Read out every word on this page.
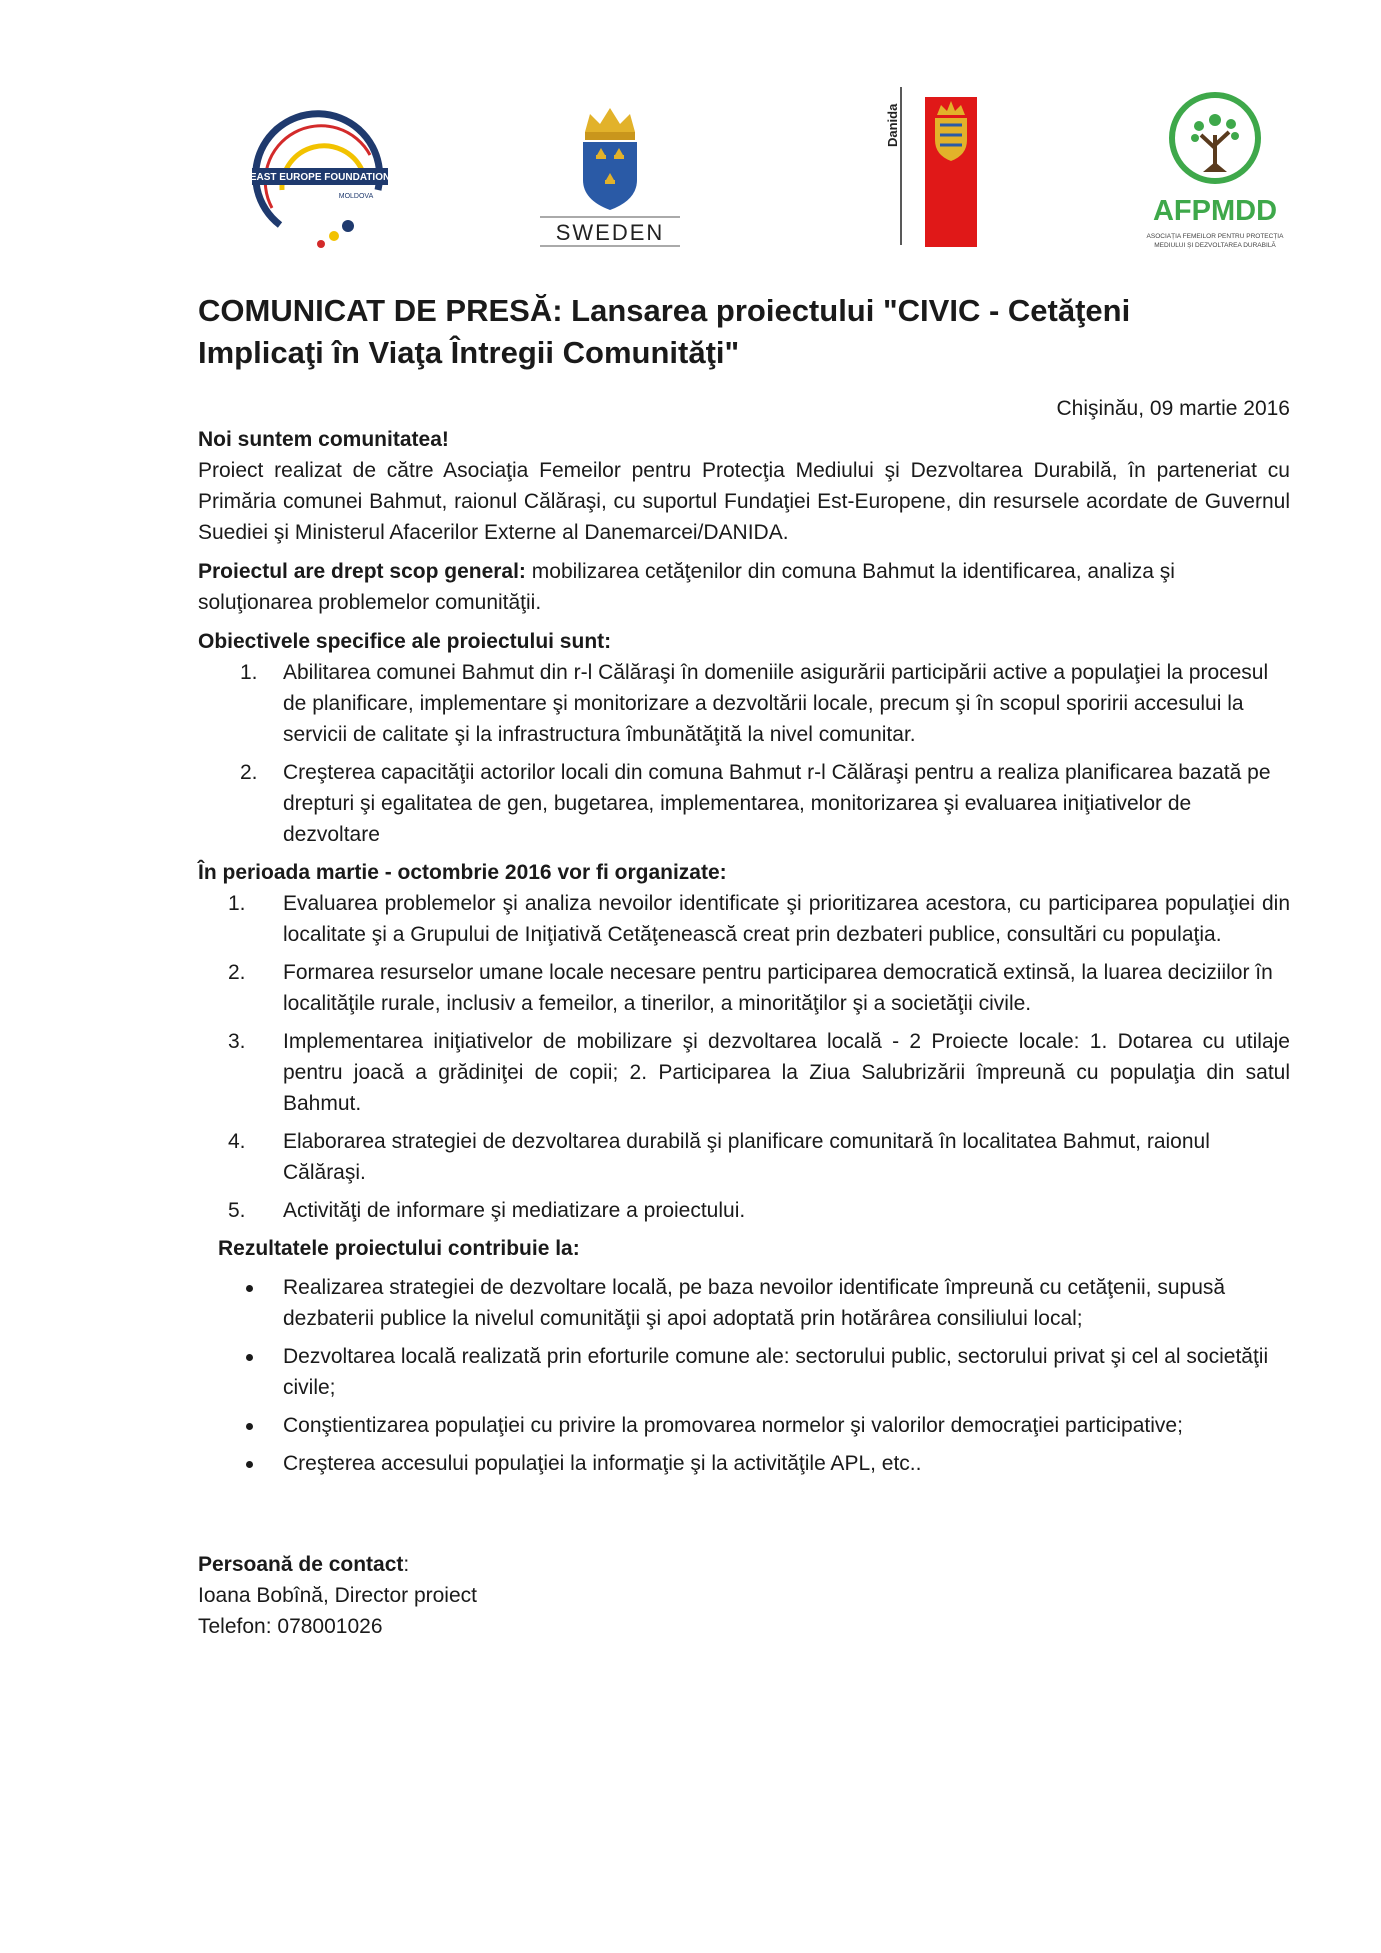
EAST EUROPE FOUNDATION
MOLDOVA
SWEDEN
Danida
AFPMDD
ASOCIAȚIA FEMEILOR PENTRU PROTECȚIA
MEDIULUI ȘI DEZVOLTAREA DURABILĂ
COMUNICAT DE PRESĂ: Lansarea proiectului "CIVIC - Cetăţeni
Implicaţi în Viaţa Întregii Comunităţi"
Chişinău, 09 martie 2016

Noi suntem comunitatea!

Proiect realizat de către Asociaţia Femeilor pentru Protecţia Mediului şi Dezvoltarea Durabilă, în parteneriat cu Primăria comunei Bahmut, raionul Călăraşi, cu suportul Fundaţiei Est-Europene, din resursele acordate de Guvernul Suediei şi Ministerul Afacerilor Externe al Danemarcei/DANIDA.

Proiectul are drept scop general: mobilizarea cetăţenilor din comuna Bahmut la identificarea, analiza şi soluţionarea problemelor comunităţii.

Obiectivele specifice ale proiectului sunt:

1. Abilitarea comunei Bahmut din r-l Călăraşi în domeniile asigurării participării active a populaţiei la procesul de planificare, implementare şi monitorizare a dezvoltării locale, precum şi în scopul sporirii accesului la servicii de calitate şi la infrastructura îmbunătăţită la nivel comunitar.
2. Creşterea capacităţii actorilor locali din comuna Bahmut r-l Călăraşi pentru a realiza planificarea bazată pe drepturi şi egalitatea de gen, bugetarea, implementarea, monitorizarea şi evaluarea iniţiativelor de dezvoltare

În perioada martie - octombrie 2016 vor fi organizate:

1. Evaluarea problemelor şi analiza nevoilor identificate şi prioritizarea acestora, cu participarea populaţiei din localitate şi a Grupului de Iniţiativă Cetăţenească creat prin dezbateri publice, consultări cu populaţia.
2. Formarea resurselor umane locale necesare pentru participarea democratică extinsă, la luarea deciziilor în localităţile rurale, inclusiv a femeilor, a tinerilor, a minorităţilor şi a societăţii civile.
3. Implementarea iniţiativelor de mobilizare şi dezvoltarea locală - 2 Proiecte locale: 1. Dotarea cu utilaje pentru joacă a grădiniţei de copii; 2. Participarea la Ziua Salubrizării împreună cu populaţia din satul Bahmut.
4. Elaborarea strategiei de dezvoltarea durabilă şi planificare comunitară în localitatea Bahmut, raionul Călăraşi.
5. Activităţi de informare şi mediatizare a proiectului.

Rezultatele proiectului contribuie la:

Realizarea strategiei de dezvoltare locală, pe baza nevoilor identificate împreună cu cetăţenii, supusă dezbaterii publice la nivelul comunităţii şi apoi adoptată prin hotărârea consiliului local;
Dezvoltarea locală realizată prin eforturile comune ale: sectorului public, sectorului privat şi cel al societăţii civile;
Conştientizarea populaţiei cu privire la promovarea normelor şi valorilor democraţiei participative;
Creşterea accesului populaţiei la informaţie şi la activităţile APL, etc..

Persoană de contact:

Ioana Bobînă, Director proiect

Telefon: 078001026
